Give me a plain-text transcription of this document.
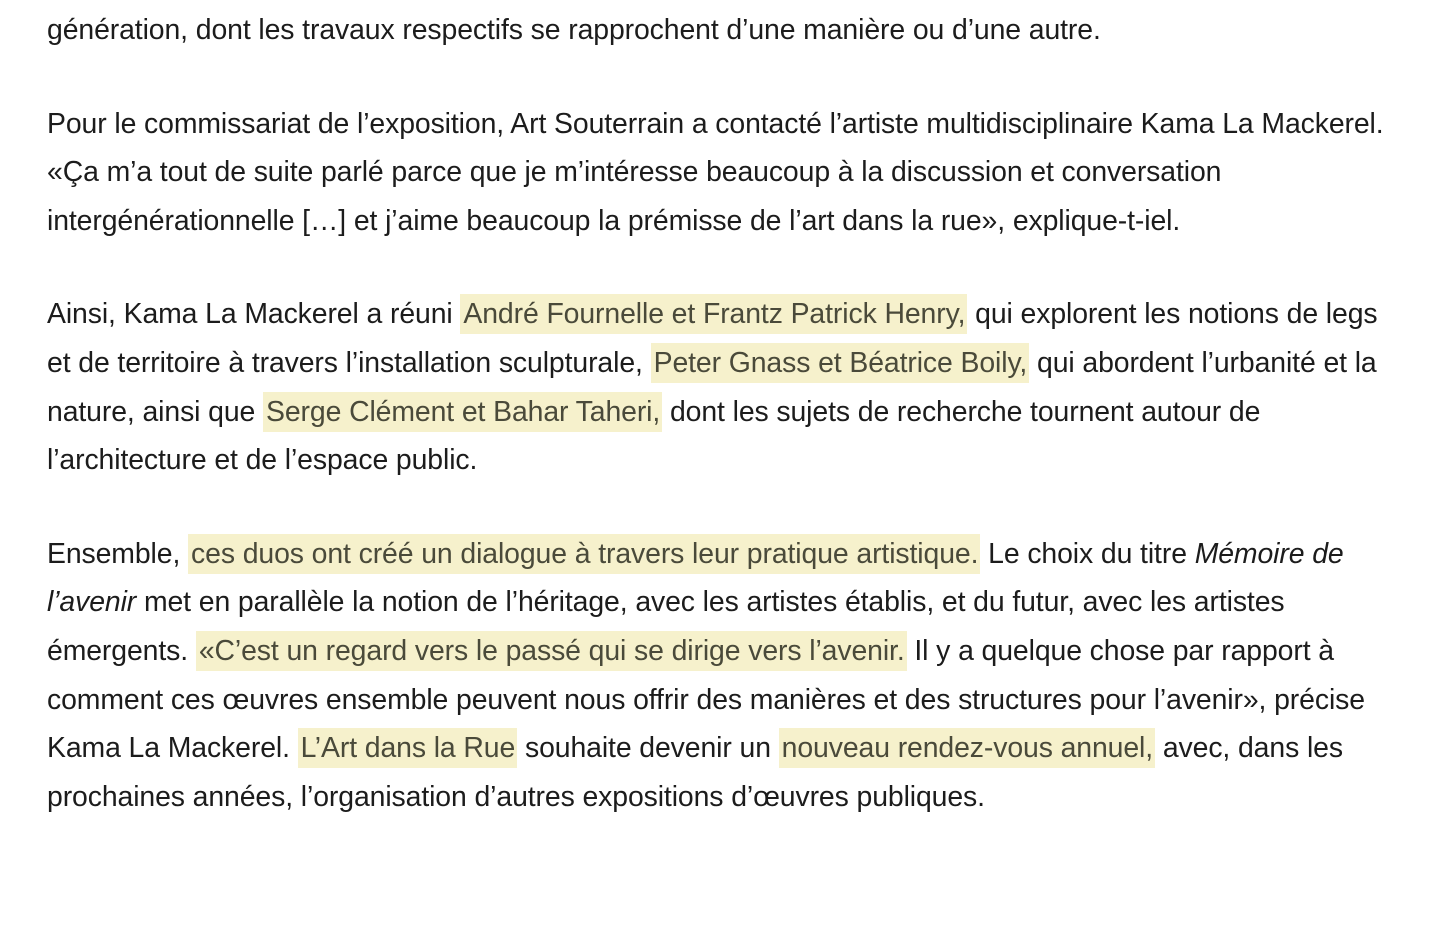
génération, dont les travaux respectifs se rapprochent d’une manière ou d’une autre.

Pour le commissariat de l’exposition, Art Souterrain a contacté l’artiste multidisciplinaire Kama La Mackerel. «Ça m’a tout de suite parlé parce que je m’intéresse beaucoup à la discussion et conversation intergénérationnelle […] et j’aime beaucoup la prémisse de l’art dans la rue», explique-t-iel.

Ainsi, Kama La Mackerel a réuni André Fournelle et Frantz Patrick Henry, qui explorent les notions de legs et de territoire à travers l’installation sculpturale, Peter Gnass et Béatrice Boily, qui abordent l’urbanité et la nature, ainsi que Serge Clément et Bahar Taheri, dont les sujets de recherche tournent autour de l’architecture et de l’espace public.

Ensemble, ces duos ont créé un dialogue à travers leur pratique artistique. Le choix du titre Mémoire de l’avenir met en parallèle la notion de l’héritage, avec les artistes établis, et du futur, avec les artistes émergents. «C’est un regard vers le passé qui se dirige vers l’avenir. Il y a quelque chose par rapport à comment ces œuvres ensemble peuvent nous offrir des manières et des structures pour l’avenir», précise Kama La Mackerel. L’Art dans la Rue souhaite devenir un nouveau rendez-vous annuel, avec, dans les prochaines années, l’organisation d’autres expositions d’œuvres publiques.
